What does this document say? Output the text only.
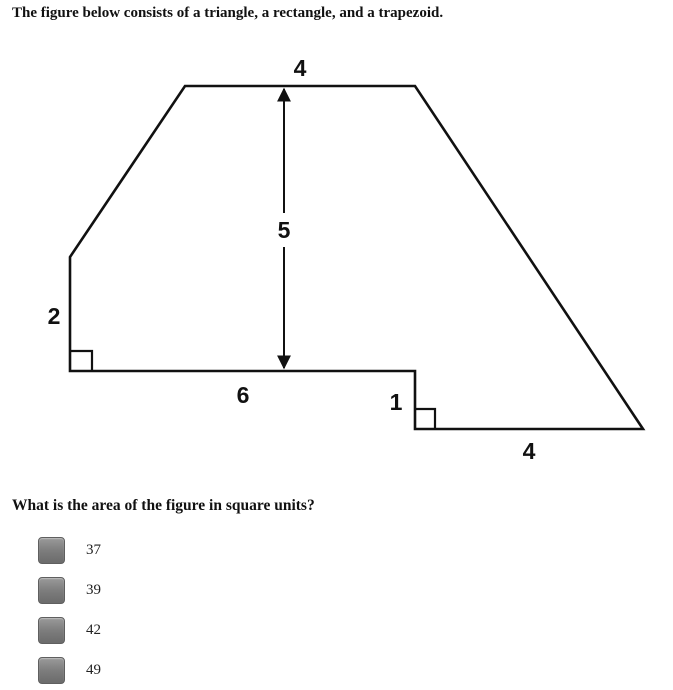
The figure below consists of a triangle, a rectangle, and a trapezoid.
4
5
2
6	1
4
What is the area of the figure in square units?
37
39
42
49
